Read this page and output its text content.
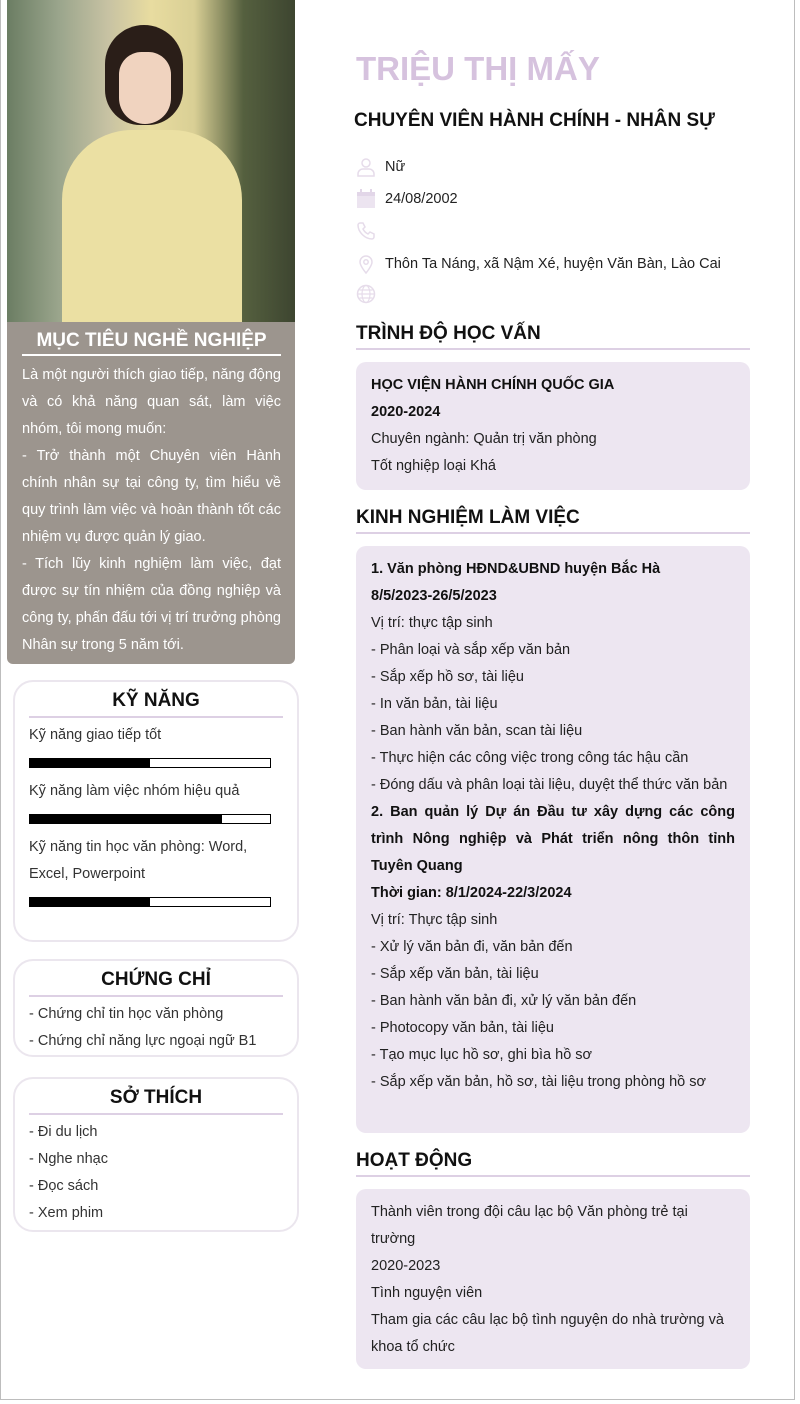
MỤC TIÊU NGHỀ NGHIỆP

Là một người thích giao tiếp, năng động và có khả năng quan sát, làm việc nhóm, tôi mong muốn:
- Trở thành một Chuyên viên Hành chính nhân sự tại công ty, tìm hiểu về quy trình làm việc và hoàn thành tốt các nhiệm vụ được quản lý giao.
- Tích lũy kinh nghiệm làm việc, đạt được sự tín nhiệm của đồng nghiệp và công ty, phấn đấu tới vị trí trưởng phòng Nhân sự trong 5 năm tới.

KỸ NĂNG
Kỹ năng giao tiếp tốt
Kỹ năng làm việc nhóm hiệu quả
Kỹ năng tin học văn phòng: Word, Excel, Powerpoint
CHỨNG CHỈ
- Chứng chỉ tin học văn phòng
- Chứng chỉ năng lực ngoại ngữ B1
SỞ THÍCH
- Đi du lịch
- Nghe nhạc
- Đọc sách
- Xem phim
TRIỆU THỊ MẤY
CHUYÊN VIÊN HÀNH CHÍNH - NHÂN SỰ
Nữ
24/08/2002
Thôn Ta Náng, xã Nậm Xé, huyện Văn Bàn, Lào Cai
TRÌNH ĐỘ HỌC VẤN
HỌC VIỆN HÀNH CHÍNH QUỐC GIA
2020-2024
Chuyên ngành: Quản trị văn phòng
Tốt nghiệp loại Khá
KINH NGHIỆM LÀM VIỆC
1. Văn phòng HĐND&UBND huyện Bắc Hà
8/5/2023-26/5/2023
Vị trí: thực tập sinh
- Phân loại và sắp xếp văn bản
- Sắp xếp hồ sơ, tài liệu
- In văn bản, tài liệu
- Ban hành văn bản, scan tài liệu
- Thực hiện các công việc trong công tác hậu cần
- Đóng dấu và phân loại tài liệu, duyệt thể thức văn bản
2. Ban quản lý Dự án Đầu tư xây dựng các công trình Nông nghiệp và Phát triển nông thôn tỉnh Tuyên Quang
Thời gian: 8/1/2024-22/3/2024
Vị trí: Thực tập sinh
- Xử lý văn bản đi, văn bản đến
- Sắp xếp văn bản, tài liệu
- Ban hành văn bản đi, xử lý văn bản đến
- Photocopy văn bản, tài liệu
- Tạo mục lục hồ sơ, ghi bìa hồ sơ
- Sắp xếp văn bản, hồ sơ, tài liệu trong phòng hồ sơ
HOẠT ĐỘNG
Thành viên trong đội câu lạc bộ Văn phòng trẻ tại trường
2020-2023
Tình nguyện viên
Tham gia các câu lạc bộ tình nguyện do nhà trường và khoa tổ chức
